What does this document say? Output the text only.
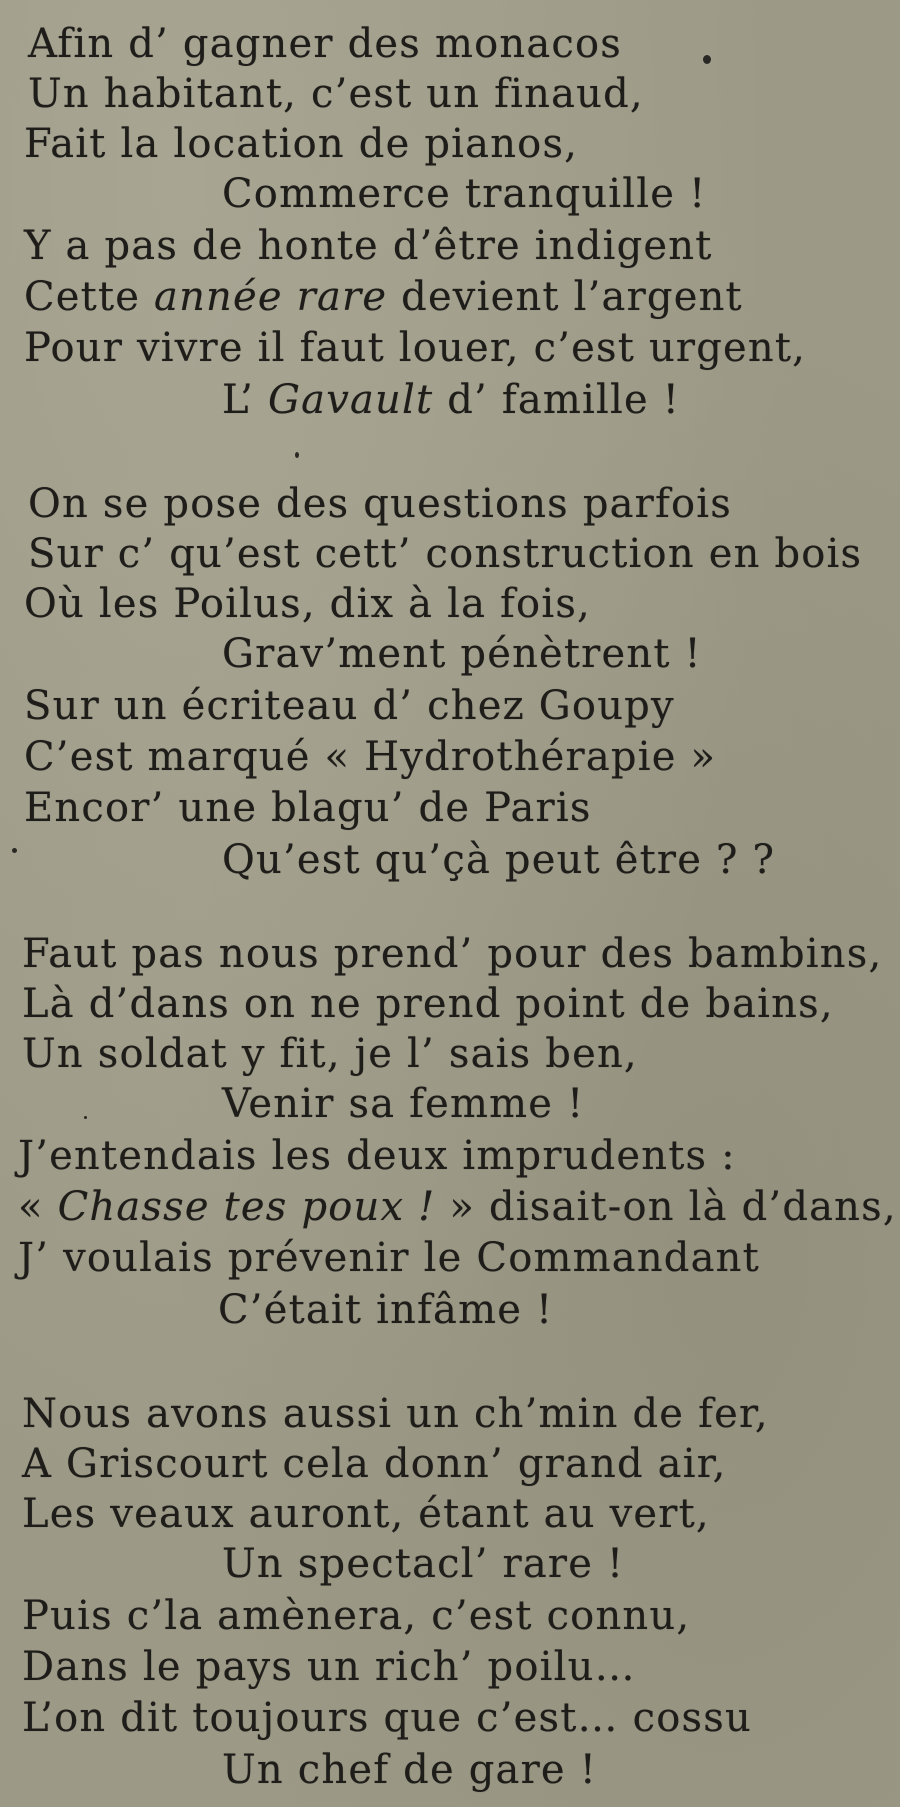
Afin d’ gagner des monacos
Un habitant, c’est un finaud,
Fait la location de pianos,
Commerce tranquille !
Y a pas de honte d’être indigent
Cette année rare devient l’argent
Pour vivre il faut louer, c’est urgent,
L’ Gavault d’ famille !
On se pose des questions parfois
Sur c’ qu’est cett’ construction en bois
Où les Poilus, dix à la fois,
Grav’ment pénètrent !
Sur un écriteau d’ chez Goupy
C’est marqué « Hydrothérapie »
Encor’ une blagu’ de Paris
Qu’est qu’çà peut être ? ?
Faut pas nous prend’ pour des bambins,
Là d’dans on ne prend point de bains,
Un soldat y fit, je l’ sais ben,
Venir sa femme !
J’entendais les deux imprudents :
« Chasse tes poux ! » disait-on là d’dans,
J’ voulais prévenir le Commandant
C’était infâme !
Nous avons aussi un ch’min de fer,
A Griscourt cela donn’ grand air,
Les veaux auront, étant au vert,
Un spectacl’ rare !
Puis c’la amènera, c’est connu,
Dans le pays un rich’ poilu…
L’on dit toujours que c’est… cossu
Un chef de gare !
